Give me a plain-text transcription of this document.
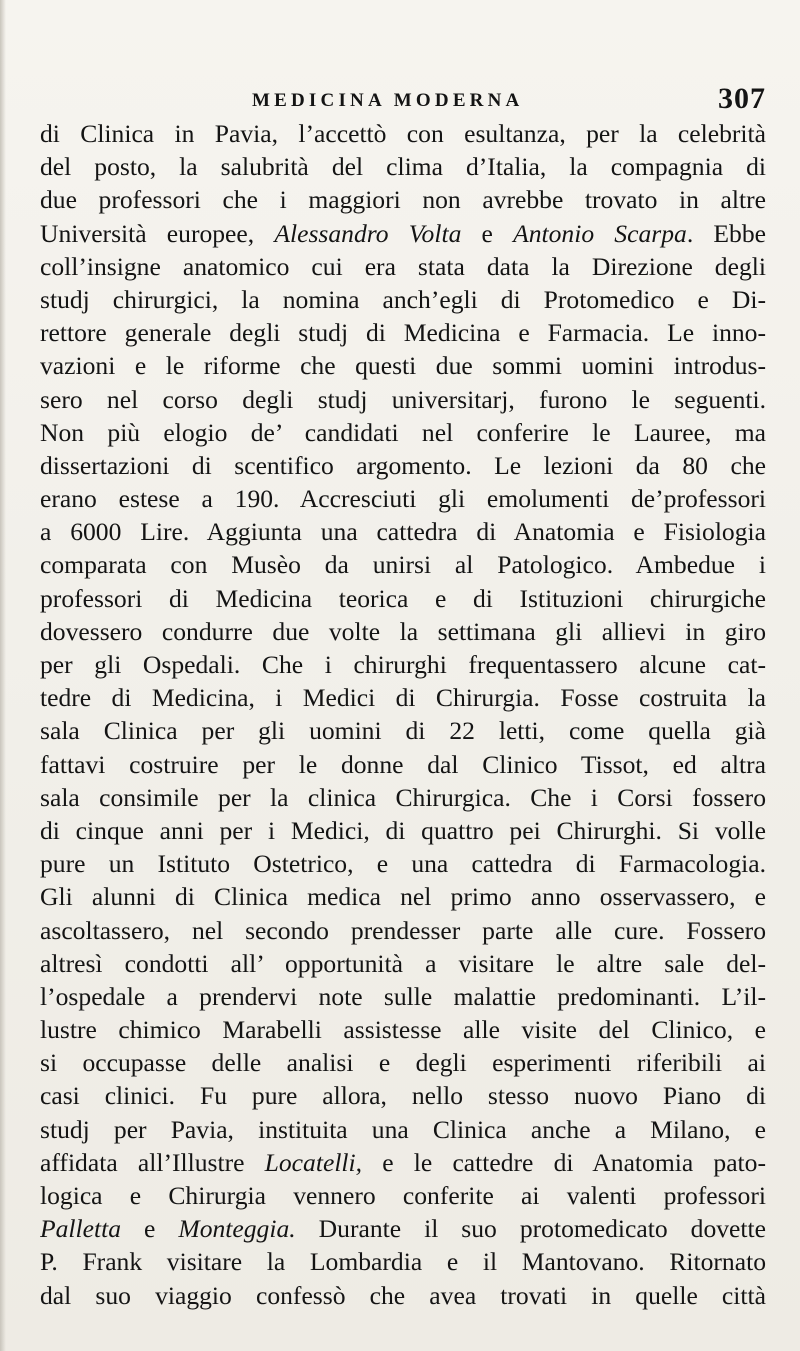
MEDICINA MODERNA	307
di Clinica in Pavia, l’accettò con esultanza, per la celebrità
del posto, la salubrità del clima d’Italia, la compagnia di
due professori che i maggiori non avrebbe trovato in altre
Università europee, Alessandro Volta e Antonio Scarpa. Ebbe
coll’insigne anatomico cui era stata data la Direzione degli
studj chirurgici, la nomina anch’egli di Protomedico e Di-
rettore generale degli studj di Medicina e Farmacia. Le inno-
vazioni e le riforme che questi due sommi uomini introdus-
sero nel corso degli studj universitarj, furono le seguenti.
Non più elogio de’ candidati nel conferire le Lauree, ma
dissertazioni di scentifico argomento. Le lezioni da 80 che
erano estese a 190. Accresciuti gli emolumenti de’professori
a 6000 Lire. Aggiunta una cattedra di Anatomia e Fisiologia
comparata con Musèo da unirsi al Patologico. Ambedue i
professori di Medicina teorica e di Istituzioni chirurgiche
dovessero condurre due volte la settimana gli allievi in giro
per gli Ospedali. Che i chirurghi frequentassero alcune cat-
tedre di Medicina, i Medici di Chirurgia. Fosse costruita la
sala Clinica per gli uomini di 22 letti, come quella già
fattavi costruire per le donne dal Clinico Tissot, ed altra
sala consimile per la clinica Chirurgica. Che i Corsi fossero
di cinque anni per i Medici, di quattro pei Chirurghi. Si volle
pure un Istituto Ostetrico, e una cattedra di Farmacologia.
Gli alunni di Clinica medica nel primo anno osservassero, e
ascoltassero, nel secondo prendesser parte alle cure. Fossero
altresì condotti all’ opportunità a visitare le altre sale del-
l’ospedale a prendervi note sulle malattie predominanti. L’il-
lustre chimico Marabelli assistesse alle visite del Clinico, e
si occupasse delle analisi e degli esperimenti riferibili ai
casi clinici. Fu pure allora, nello stesso nuovo Piano di
studj per Pavia, instituita una Clinica anche a Milano, e
affidata all’Illustre Locatelli, e le cattedre di Anatomia pato-
logica e Chirurgia vennero conferite ai valenti professori
Palletta e Monteggia. Durante il suo protomedicato dovette
P. Frank visitare la Lombardia e il Mantovano. Ritornato
dal suo viaggio confessò che avea trovati in quelle città
